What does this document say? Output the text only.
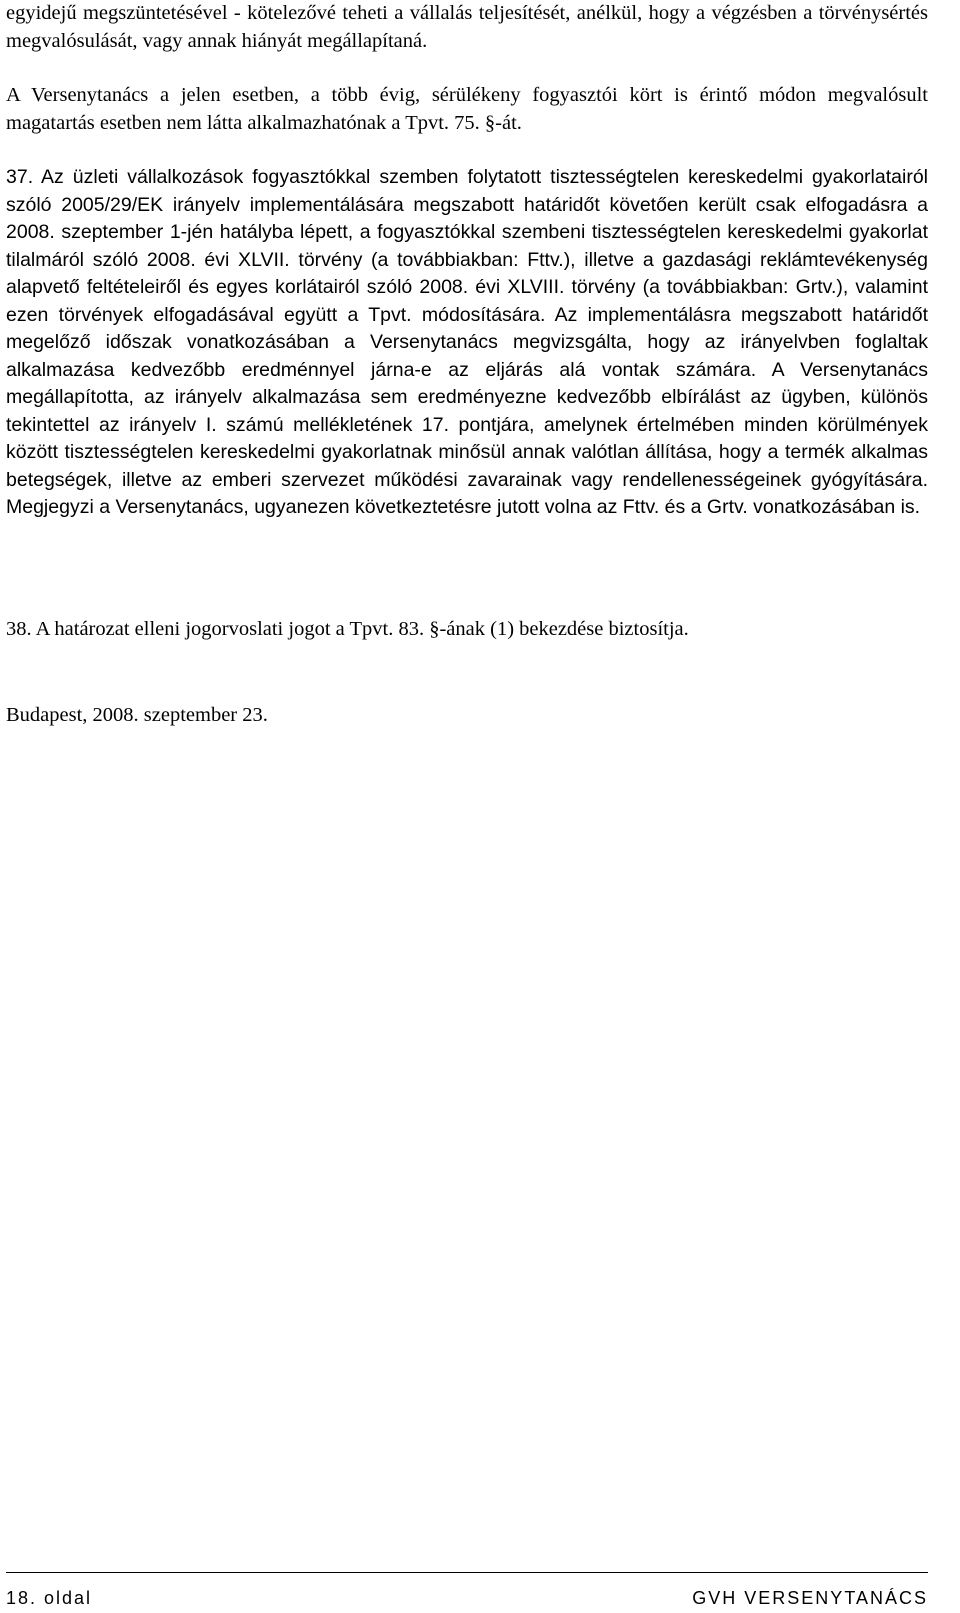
egyidejű megszüntetésével - kötelezővé teheti a vállalás teljesítését, anélkül, hogy a végzésben a törvénysértés megvalósulását, vagy annak hiányát megállapítaná.

A Versenytanács a jelen esetben, a több évig, sérülékeny fogyasztói kört is érintő módon megvalósult magatartás esetben nem látta alkalmazhatónak a Tpvt. 75. §-át.

37. Az üzleti vállalkozások fogyasztókkal szemben folytatott tisztességtelen kereskedelmi gyakorlatairól szóló 2005/29/EK irányelv implementálására megszabott határidőt követően került csak elfogadásra a 2008. szeptember 1-jén hatályba lépett, a fogyasztókkal szembeni tisztességtelen kereskedelmi gyakorlat tilalmáról szóló 2008. évi XLVII. törvény (a továbbiakban: Fttv.), illetve a gazdasági reklámtevékenység alapvető feltételeiről és egyes korlátairól szóló 2008. évi XLVIII. törvény (a továbbiakban: Grtv.), valamint ezen törvények elfogadásával együtt a Tpvt. módosítására. Az implementálásra megszabott határidőt megelőző időszak vonatkozásában a Versenytanács megvizsgálta, hogy az irányelvben foglaltak alkalmazása kedvezőbb eredménnyel járna-e az eljárás alá vontak számára. A Versenytanács megállapította, az irányelv alkalmazása sem eredményezne kedvezőbb elbírálást az ügyben, különös tekintettel az irányelv I. számú mellékletének 17. pontjára, amelynek értelmében minden körülmények között tisztességtelen kereskedelmi gyakorlatnak minősül annak valótlan állítása, hogy a termék alkalmas betegségek, illetve az emberi szervezet működési zavarainak vagy rendellenességeinek gyógyítására. Megjegyzi a Versenytanács, ugyanezen következtetésre jutott volna az Fttv. és a Grtv. vonatkozásában is.

38. A határozat elleni jogorvoslati jogot a Tpvt. 83. §-ának (1) bekezdése biztosítja.

Budapest, 2008. szeptember 23.

18. oldal	GVH VERSENYTANÁCS
